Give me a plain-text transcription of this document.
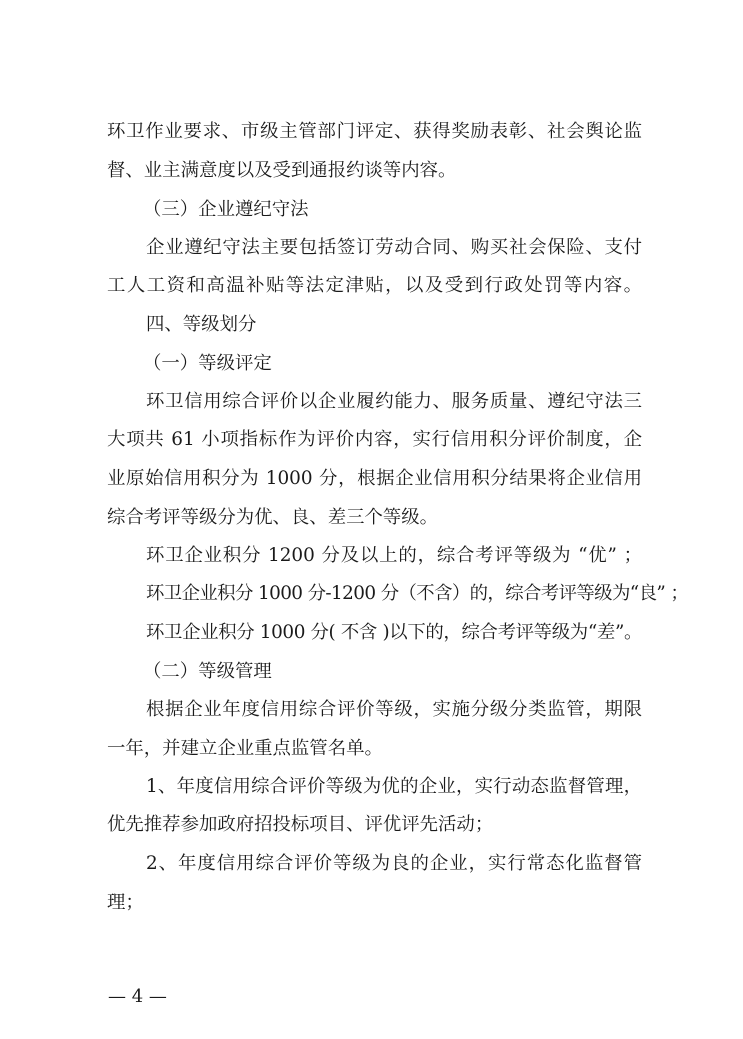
环卫作业要求、市级主管部门评定、获得奖励表彰、社会舆论监
督、业主满意度以及受到通报约谈等内容。
（三）企业遵纪守法
企业遵纪守法主要包括签订劳动合同、购买社会保险、支付
工人工资和高温补贴等法定津贴，以及受到行政处罚等内容。
四、等级划分
（一）等级评定
环卫信用综合评价以企业履约能力、服务质量、遵纪守法三
大项共 61 小项指标作为评价内容，实行信用积分评价制度，企
业原始信用积分为 1000 分，根据企业信用积分结果将企业信用
综合考评等级分为优、良、差三个等级。
环卫企业积分 1200 分及以上的，综合考评等级为 “优” ；
环卫企业积分 1000 分-1200 分（不含）的，综合考评等级为“良” ；
环卫企业积分 1000 分( 不含 )以下的，综合考评等级为“差”。
（二）等级管理
根据企业年度信用综合评价等级，实施分级分类监管，期限
一年，并建立企业重点监管名单。
1、年度信用综合评价等级为优的企业，实行动态监督管理，
优先推荐参加政府招投标项目、评优评先活动；
2、年度信用综合评价等级为良的企业，实行常态化监督管
理；
— 4 —
